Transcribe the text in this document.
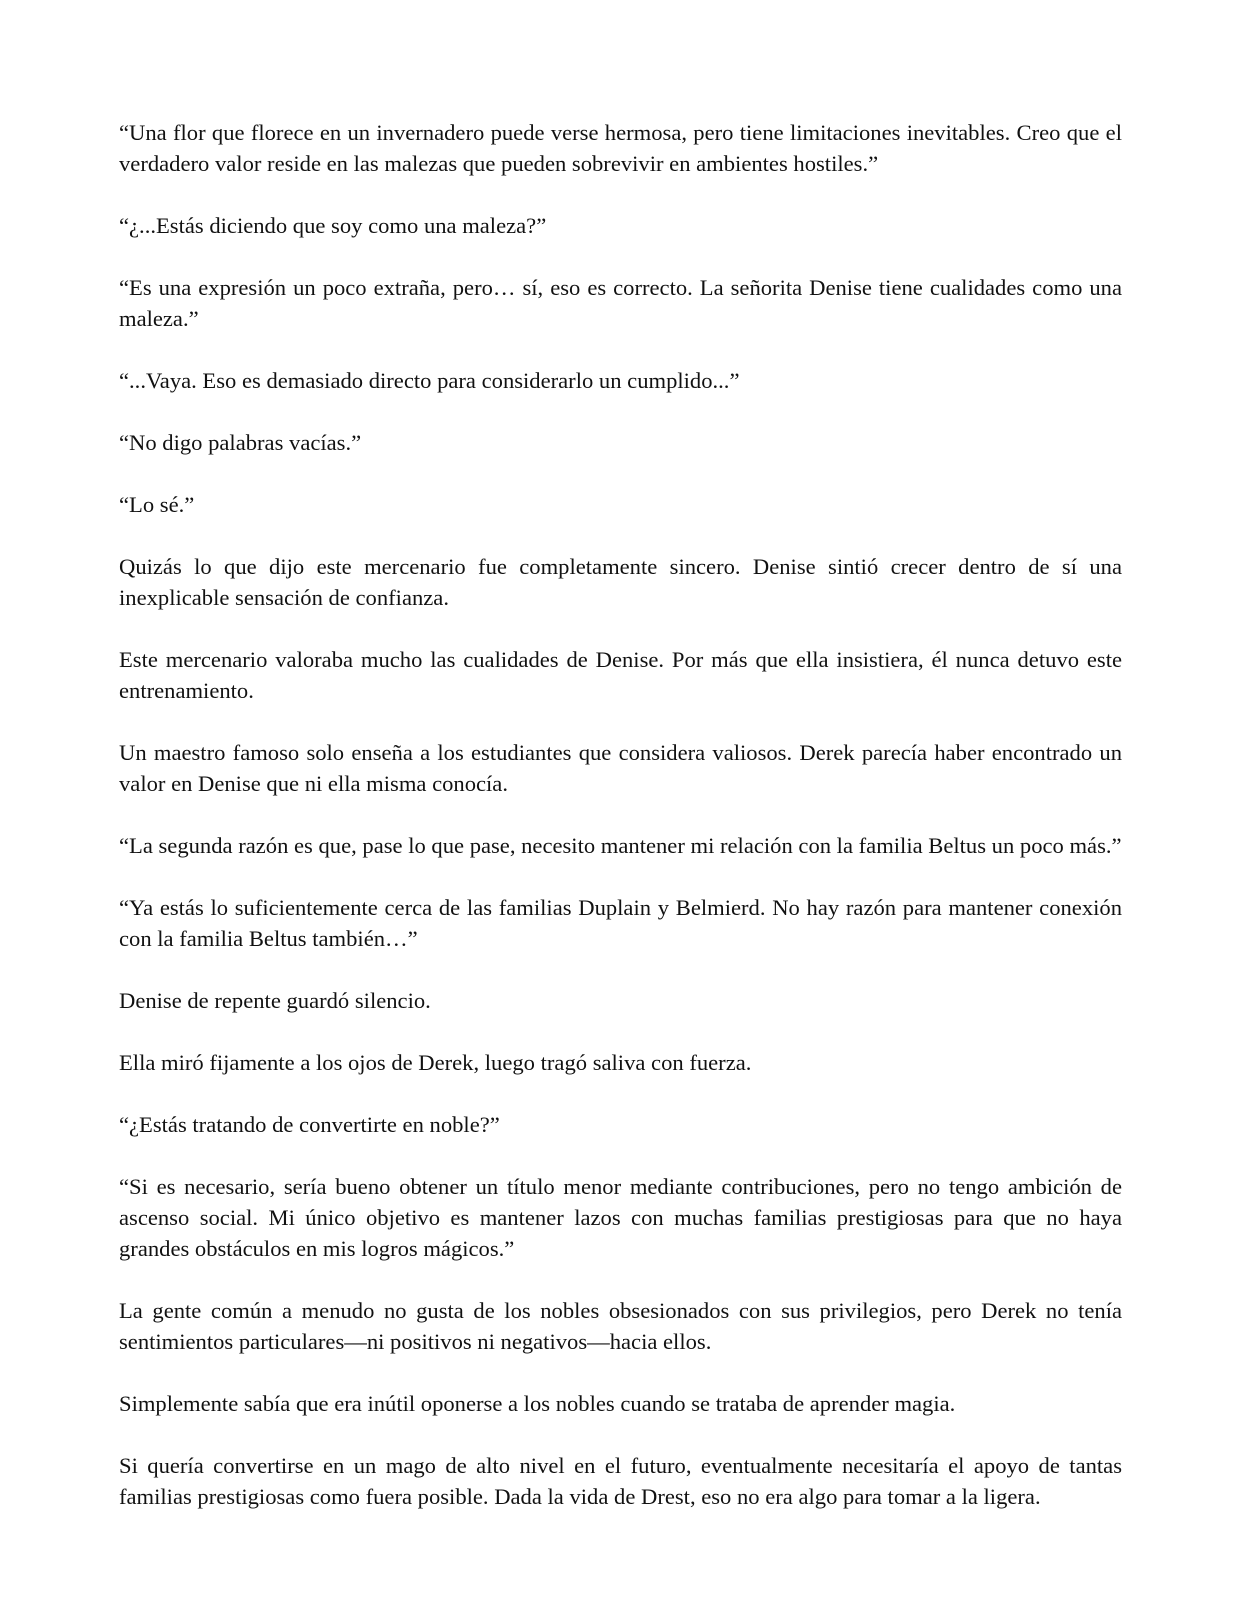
“Una flor que florece en un invernadero puede verse hermosa, pero tiene limitaciones inevitables. Creo que el verdadero valor reside en las malezas que pueden sobrevivir en ambientes hostiles.”

“¿...Estás diciendo que soy como una maleza?”

“Es una expresión un poco extraña, pero… sí, eso es correcto. La señorita Denise tiene cualidades como una maleza.”

“...Vaya. Eso es demasiado directo para considerarlo un cumplido...”

“No digo palabras vacías.”

“Lo sé.”

Quizás lo que dijo este mercenario fue completamente sincero. Denise sintió crecer dentro de sí una inexplicable sensación de confianza.

Este mercenario valoraba mucho las cualidades de Denise. Por más que ella insistiera, él nunca detuvo este entrenamiento.

Un maestro famoso solo enseña a los estudiantes que considera valiosos. Derek parecía haber encontrado un valor en Denise que ni ella misma conocía.

“La segunda razón es que, pase lo que pase, necesito mantener mi relación con la familia Beltus un poco más.”

“Ya estás lo suficientemente cerca de las familias Duplain y Belmierd. No hay razón para mantener conexión con la familia Beltus también…”

Denise de repente guardó silencio.

Ella miró fijamente a los ojos de Derek, luego tragó saliva con fuerza.

“¿Estás tratando de convertirte en noble?”

“Si es necesario, sería bueno obtener un título menor mediante contribuciones, pero no tengo ambición de ascenso social. Mi único objetivo es mantener lazos con muchas familias prestigiosas para que no haya grandes obstáculos en mis logros mágicos.”

La gente común a menudo no gusta de los nobles obsesionados con sus privilegios, pero Derek no tenía sentimientos particulares—ni positivos ni negativos—hacia ellos.

Simplemente sabía que era inútil oponerse a los nobles cuando se trataba de aprender magia.

Si quería convertirse en un mago de alto nivel en el futuro, eventualmente necesitaría el apoyo de tantas familias prestigiosas como fuera posible. Dada la vida de Drest, eso no era algo para tomar a la ligera.
